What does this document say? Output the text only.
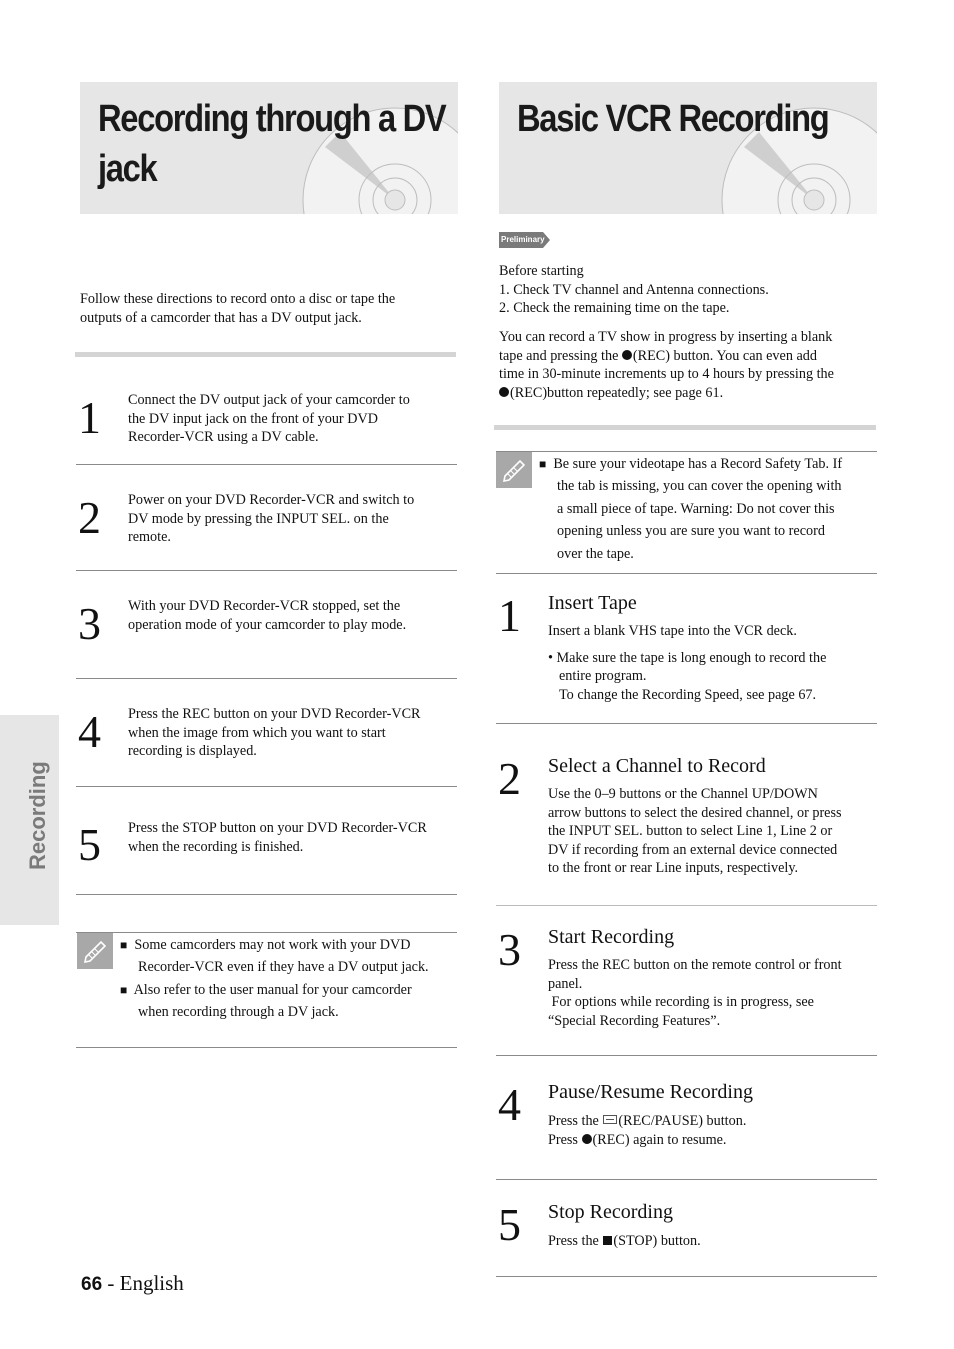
Recording through a DV
jack
Basic VCR Recording
Follow these directions to record onto a disc or tape the
outputs of a camcorder that has a DV output jack.
1 Connect the DV output jack of your camcorder to
the DV input jack on the front of your DVD
Recorder-VCR using a DV cable.
2 Power on your DVD Recorder-VCR and switch to
DV mode by pressing the INPUT SEL. on the
remote.
3 With your DVD Recorder-VCR stopped, set the
operation mode of your camcorder to play mode.
4 Press the REC button on your DVD Recorder-VCR
when the image from which you want to start
recording is displayed.
5 Press the STOP button on your DVD Recorder-VCR
when the recording is finished.
■ Some camcorders may not work with your DVD
Recorder-VCR even if they have a DV output jack.
■ Also refer to the user manual for your camcorder
when recording through a DV jack.
Recording
Preliminary
Before starting
1. Check TV channel and Antenna connections.
2. Check the remaining time on the tape.
You can record a TV show in progress by inserting a blank
tape and pressing the (REC) button. You can even add
time in 30-minute increments up to 4 hours by pressing the
(REC)button repeatedly; see page 61.
■ Be sure your videotape has a Record Safety Tab. If
the tab is missing, you can cover the opening with
a small piece of tape. Warning: Do not cover this
opening unless you are sure you want to record
over the tape.
1 Insert Tape
Insert a blank VHS tape into the VCR deck.
• Make sure the tape is long enough to record the
entire program.
To change the Recording Speed, see page 67.
2 Select a Channel to Record
Use the 0–9 buttons or the Channel UP/DOWN
arrow buttons to select the desired channel, or press
the INPUT SEL. button to select Line 1, Line 2 or
DV if recording from an external device connected
to the front or rear Line inputs, respectively.
3 Start Recording
Press the REC button on the remote control or front
panel.
For options while recording is in progress, see
“Special Recording Features”.
4 Pause/Resume Recording
Press the (REC/PAUSE) button.
Press (REC) again to resume.
5 Stop Recording
Press the (STOP) button.
66 - English
